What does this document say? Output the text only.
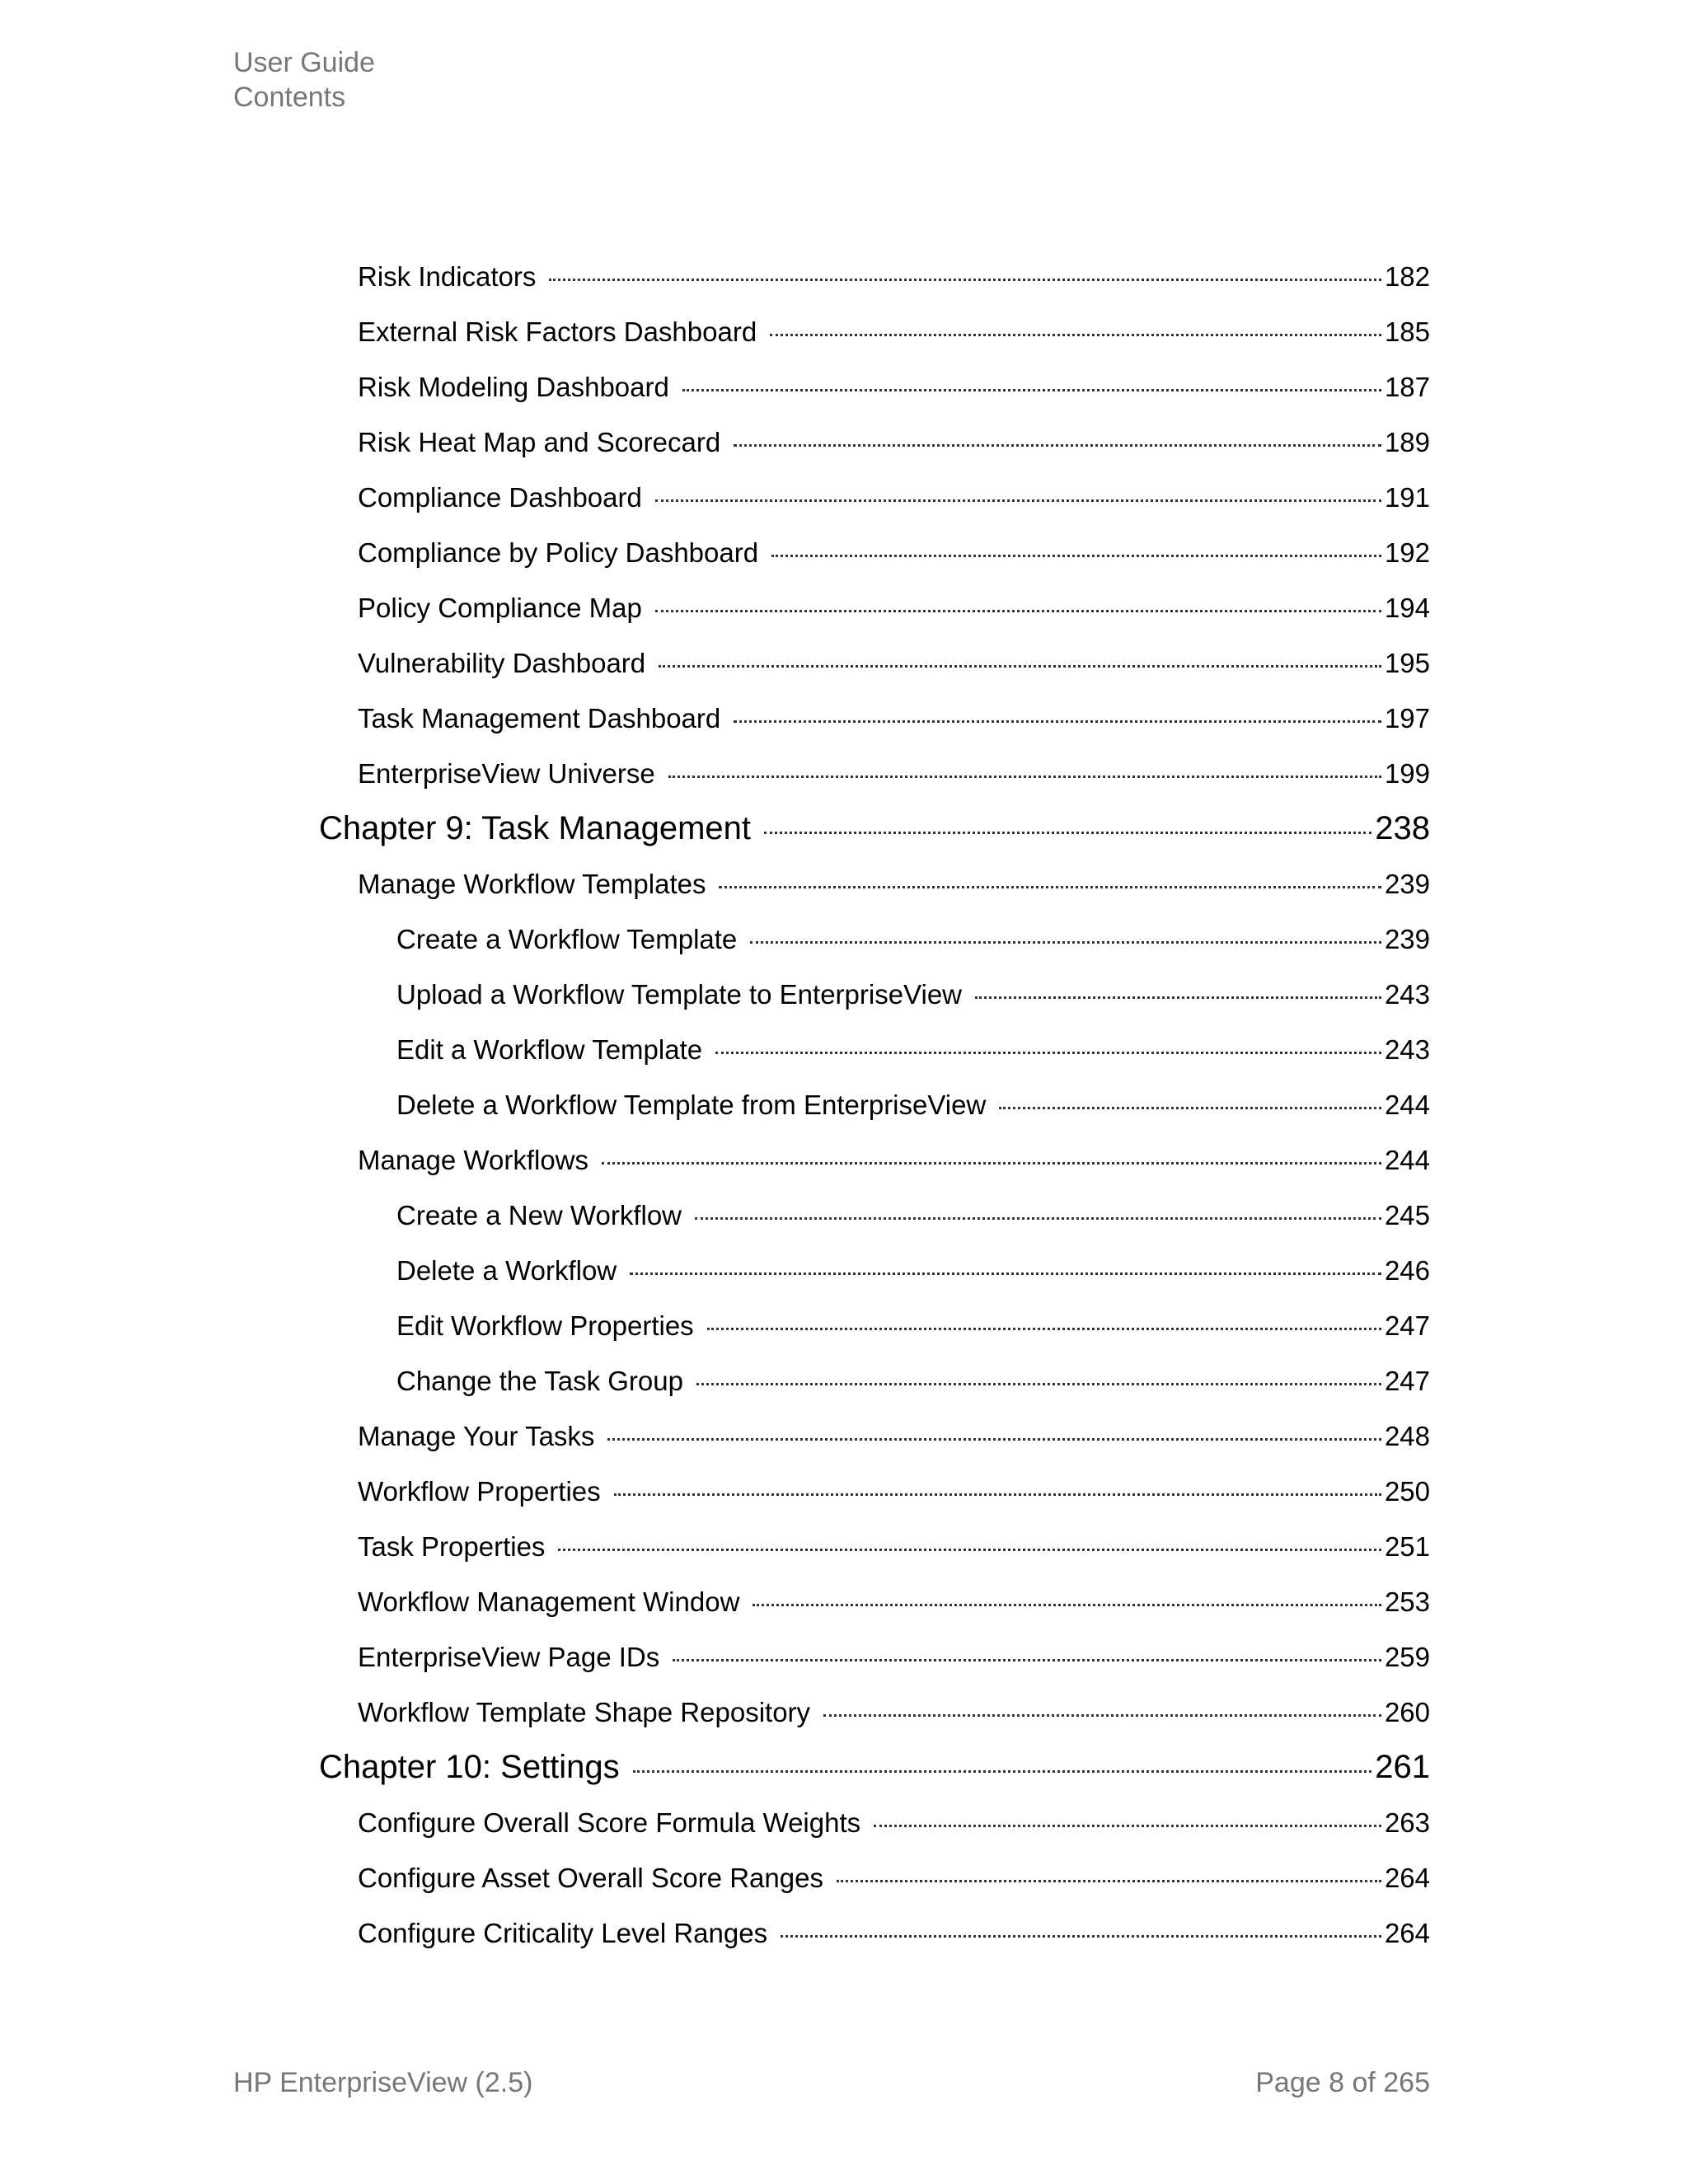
User Guide
Contents
Risk Indicators	182
External Risk Factors Dashboard	185
Risk Modeling Dashboard	187
Risk Heat Map and Scorecard	189
Compliance Dashboard	191
Compliance by Policy Dashboard	192
Policy Compliance Map	194
Vulnerability Dashboard	195
Task Management Dashboard	197
EnterpriseView Universe	199
Chapter 9: Task Management	238
Manage Workflow Templates	239
Create a Workflow Template	239
Upload a Workflow Template to EnterpriseView	243
Edit a Workflow Template	243
Delete a Workflow Template from EnterpriseView	244
Manage Workflows	244
Create a New Workflow	245
Delete a Workflow	246
Edit Workflow Properties	247
Change the Task Group	247
Manage Your Tasks	248
Workflow Properties	250
Task Properties	251
Workflow Management Window	253
EnterpriseView Page IDs	259
Workflow Template Shape Repository	260
Chapter 10: Settings	261
Configure Overall Score Formula Weights	263
Configure Asset Overall Score Ranges	264
Configure Criticality Level Ranges	264
HP EnterpriseView (2.5)	Page 8 of 265
